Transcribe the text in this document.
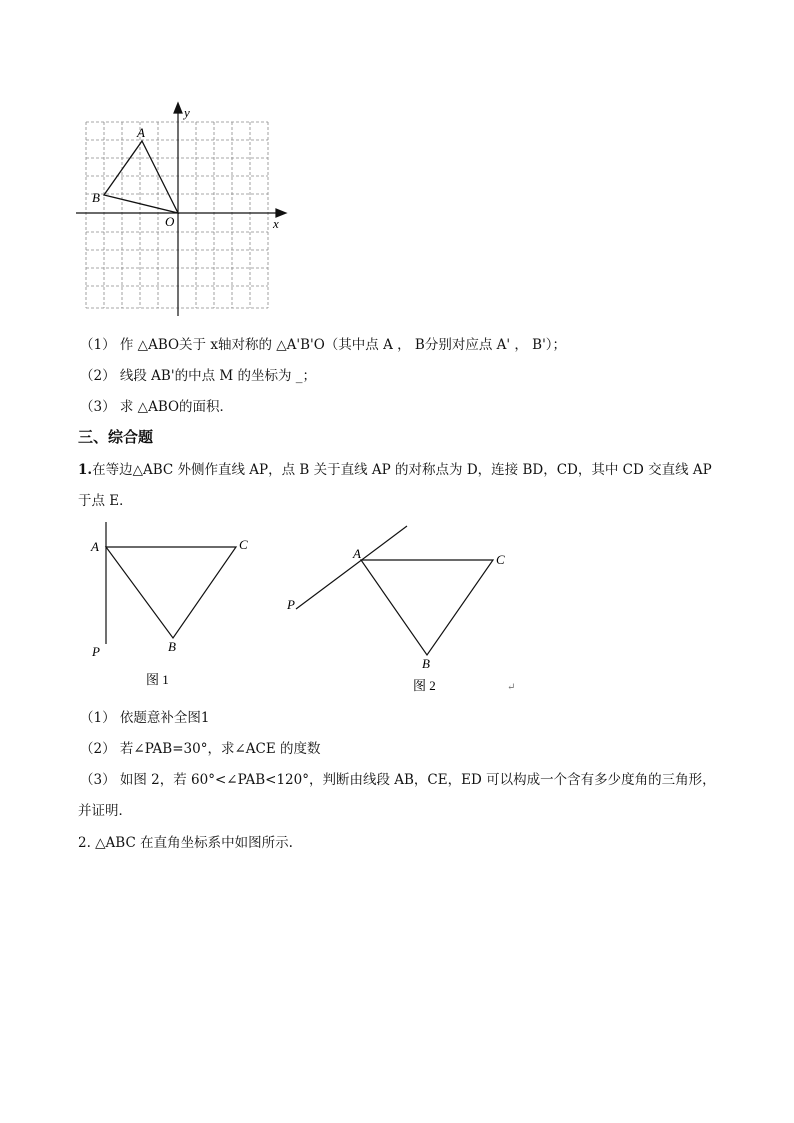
A
B
O	x
y
（1） 作 △ABO关于 x轴对称的 △A'B'O（其中点 A ， B分别对应点 A' ， B'）；
（2） 线段 AB'的中点 M 的坐标为 _；
（3） 求 △ABO的面积．
三、综合题
1.在等边△ABC 外侧作直线 AP，点 B 关于直线 AP 的对称点为 D，连接 BD，CD，其中 CD 交直线 AP
于点 E．
A	C
B
P
图 1
A	C
B
P
图 2	↵
（1） 依题意补全图1
（2） 若∠PAB=30°，求∠ACE 的度数
（3） 如图 2，若 60°<∠PAB<120°，判断由线段 AB，CE，ED 可以构成一个含有多少度角的三角形，
并证明．
2. △ABC 在直角坐标系中如图所示.
